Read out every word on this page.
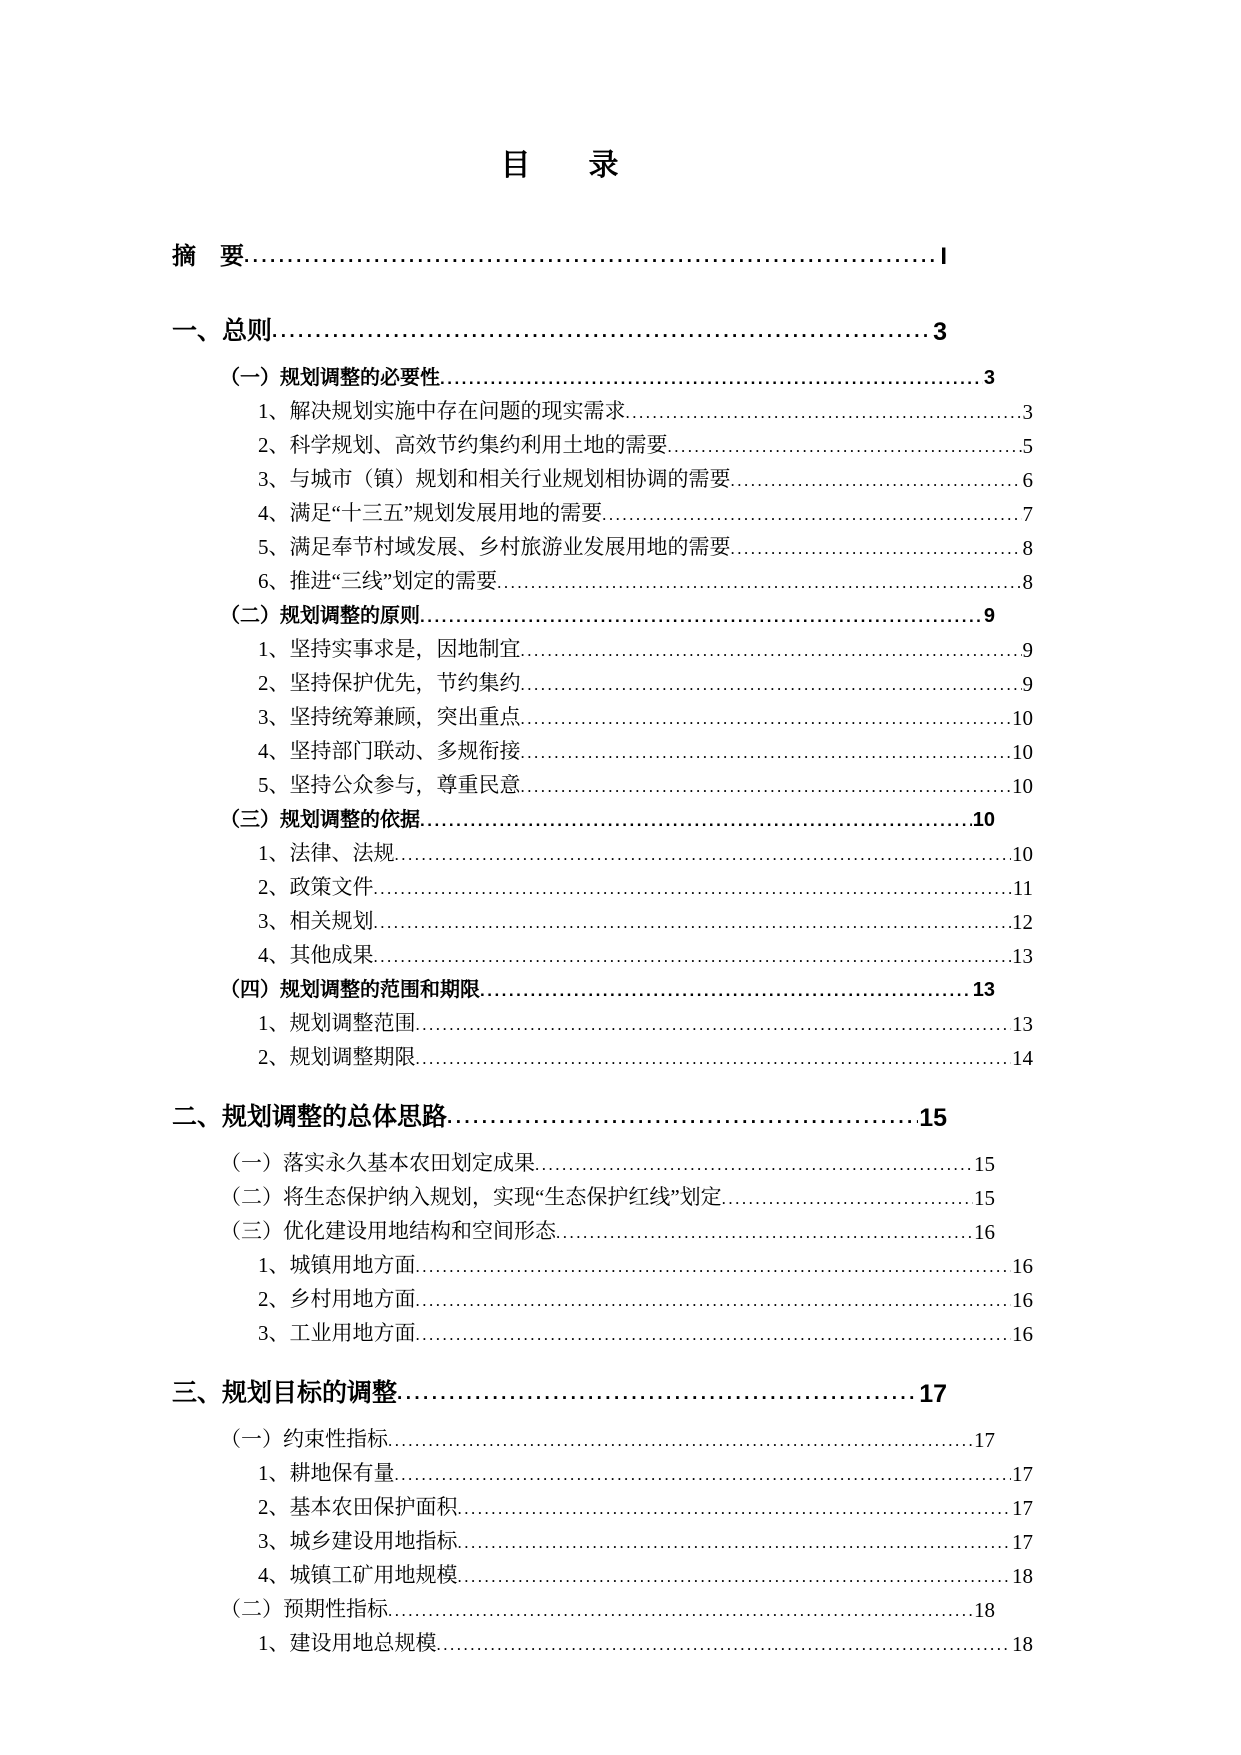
目　录
摘　要 .....	I
一、总则 .....	3
（一）规划调整的必要性 .....	3
1、解决规划实施中存在问题的现实需求 .....	3
2、科学规划、高效节约集约利用土地的需要 .....	5
3、与城市（镇）规划和相关行业规划相协调的需要 .....	6
4、满足“十三五”规划发展用地的需要 .....	7
5、满足奉节村域发展、乡村旅游业发展用地的需要 .....	8
6、推进“三线”划定的需要 .....	8
（二）规划调整的原则 .....	9
1、坚持实事求是，因地制宜 .....	9
2、坚持保护优先，节约集约 .....	9
3、坚持统筹兼顾，突出重点 .....	10
4、坚持部门联动、多规衔接 .....	10
5、坚持公众参与，尊重民意 .....	10
（三）规划调整的依据 .....	10
1、法律、法规 .....	10
2、政策文件 .....	11
3、相关规划 .....	12
4、其他成果 .....	13
（四）规划调整的范围和期限 .....	13
1、规划调整范围 .....	13
2、规划调整期限 .....	14
二、规划调整的总体思路 .....	15
（一）落实永久基本农田划定成果 .....	15
（二）将生态保护纳入规划，实现“生态保护红线”划定 .....	15
（三）优化建设用地结构和空间形态 .....	16
1、城镇用地方面 .....	16
2、乡村用地方面 .....	16
3、工业用地方面 .....	16
三、规划目标的调整 .....	17
（一）约束性指标 .....	17
1、耕地保有量 .....	17
2、基本农田保护面积 .....	17
3、城乡建设用地指标 .....	17
4、城镇工矿用地规模 .....	18
（二）预期性指标 .....	18
1、建设用地总规模 .....	18
